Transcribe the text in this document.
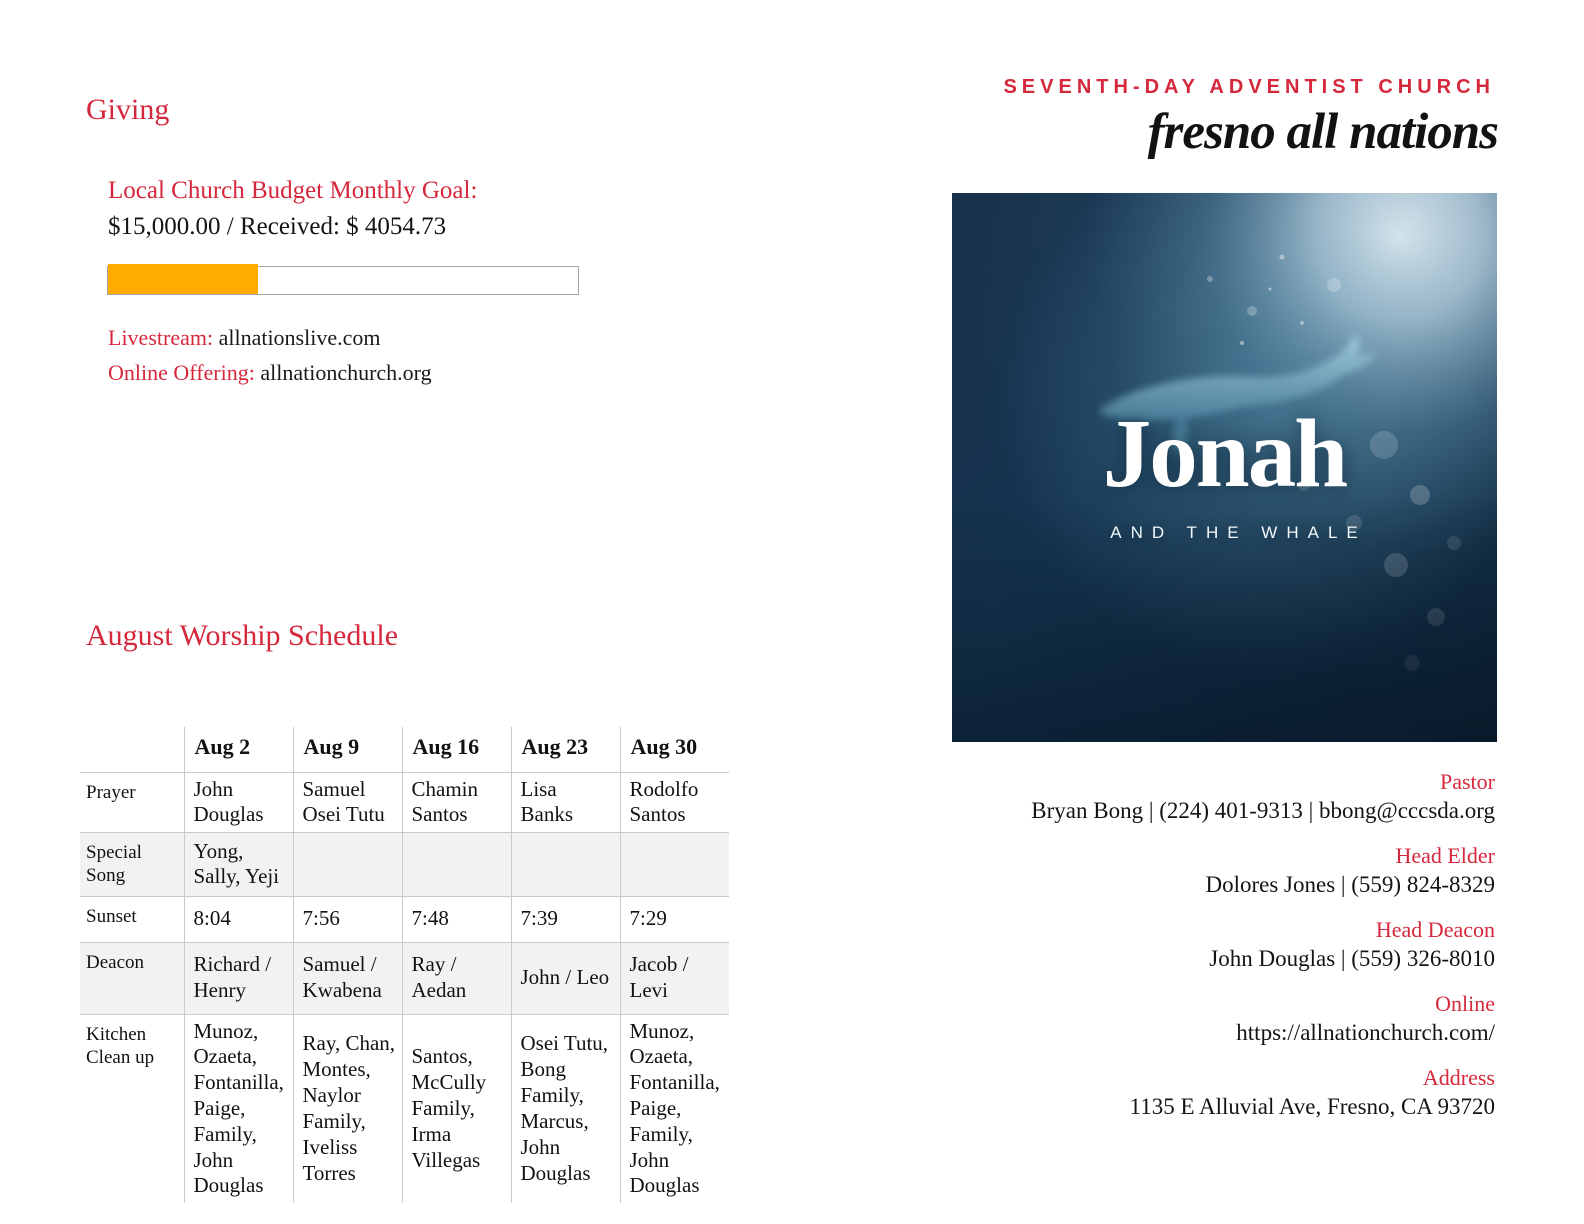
Giving
Local Church Budget Monthly Goal:
$15,000.00 / Received: $ 4054.73
Livestream: allnationslive.com
Online Offering: allnationchurch.org
August Worship Schedule
	Aug 2	Aug 9	Aug 16	Aug 23	Aug 30
Prayer	John Douglas	Samuel Osei Tutu	Chamin Santos	Lisa Banks	Rodolfo Santos
Special Song	Yong, Sally, Yeji				
Sunset	8:04	7:56	7:48	7:39	7:29
Deacon	Richard / Henry	Samuel / Kwabena	Ray / Aedan	John / Leo	Jacob / Levi
Kitchen Clean up	Munoz, Ozaeta, Fontanilla, Paige, Family, John Douglas	Ray, Chan, Montes, Naylor Family, Iveliss Torres	Santos, McCully Family, Irma Villegas	Osei Tutu, Bong Family, Marcus, John Douglas	Munoz, Ozaeta, Fontanilla, Paige, Family, John Douglas
SEVENTH-DAY ADVENTIST CHURCH
fresno all nations
Jonah
AND THE WHALE
Pastor
Bryan Bong | (224) 401-9313 | bbong@cccsda.org
Head Elder
Dolores Jones | (559) 824-8329
Head Deacon
John Douglas | (559) 326-8010
Online
https://allnationchurch.com/
Address
1135 E Alluvial Ave, Fresno, CA 93720
